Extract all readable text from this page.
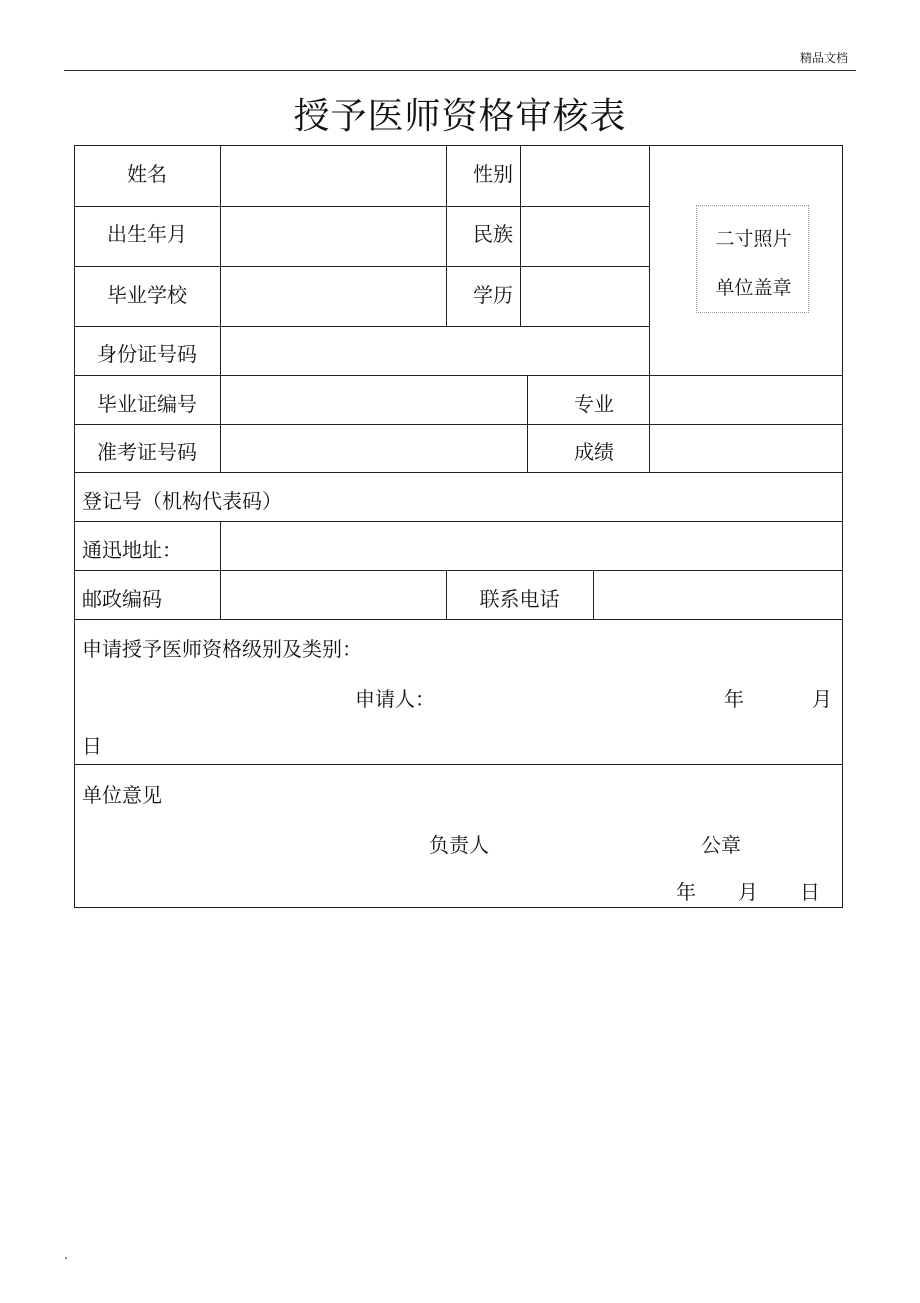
精品文档
授予医师资格审核表
姓名	性别
出生年月	民族
毕业学校	学历
二寸照片
单位盖章
身份证号码
毕业证编号	专业
准考证号码	成绩
登记号（机构代表码）
通迅地址：
邮政编码	联系电话
申请授予医师资格级别及类别：
申请人：	年	月
日
单位意见
负责人	公章
年 月 日
.
